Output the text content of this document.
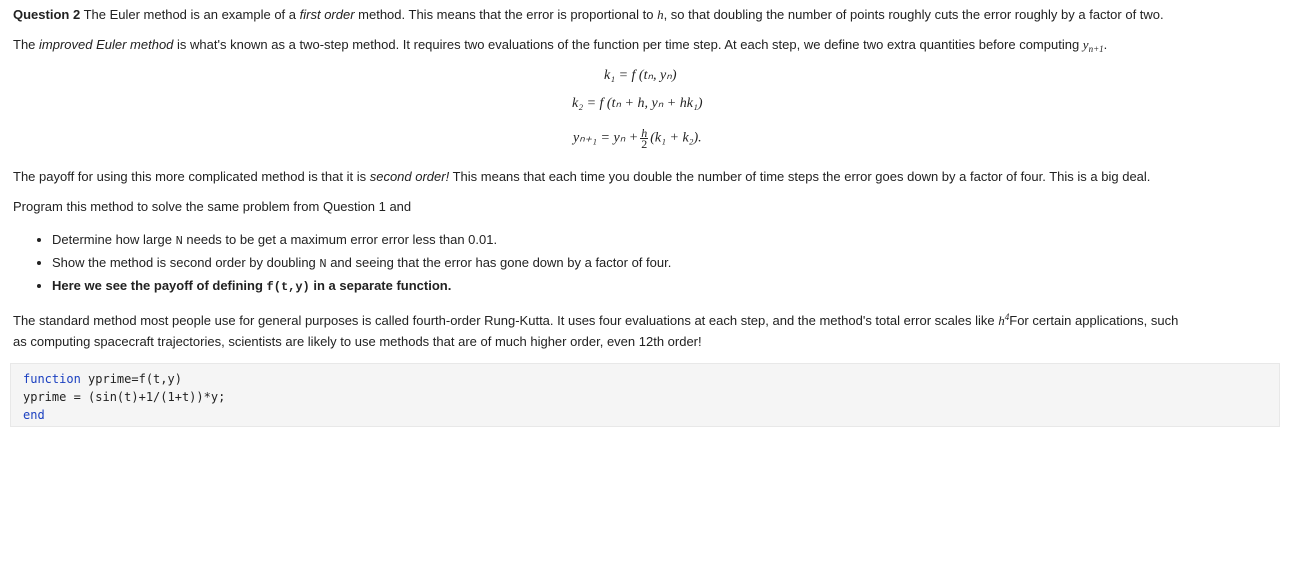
Question 2 The Euler method is an example of a first order method. This means that the error is proportional to h, so that doubling the number of points roughly cuts the error roughly by a factor of two.
The improved Euler method is what's known as a two-step method. It requires two evaluations of the function per time step. At each step, we define two extra quantities before computing $y_{n+1}$.
k₁ = f (tₙ, yₙ)
k₂ = f (tₙ + h, yₙ + hk₁)
$y_{n+1} = y_n + \frac{h}{2} (k_1 + k_2)$.
The payoff for using this more complicated method is that it is second order! This means that each time you double the number of time steps the error goes down by a factor of four. This is a big deal.
Program this method to solve the same problem from Question 1 and
The standard method most people use for general purposes is called fourth-order Rung-Kutta. It uses four evaluations at each step, and the method's total error scales like $h^4For$ certain applications, such
as computing spacecraft trajectories, scientists are likely to use methods that are of much higher order, even 12th order!
• Determine how large N needs to be get a maximum error error less than 0.01.
• Show the method is second order by doubling N and seeing that the error has gone down by a factor of four.
• Here we see the payoff of defining f(t,y) in a separate function.
function yprime=f(t,y)
yprime = (sin(t)+1/(1+t))*y;
end
